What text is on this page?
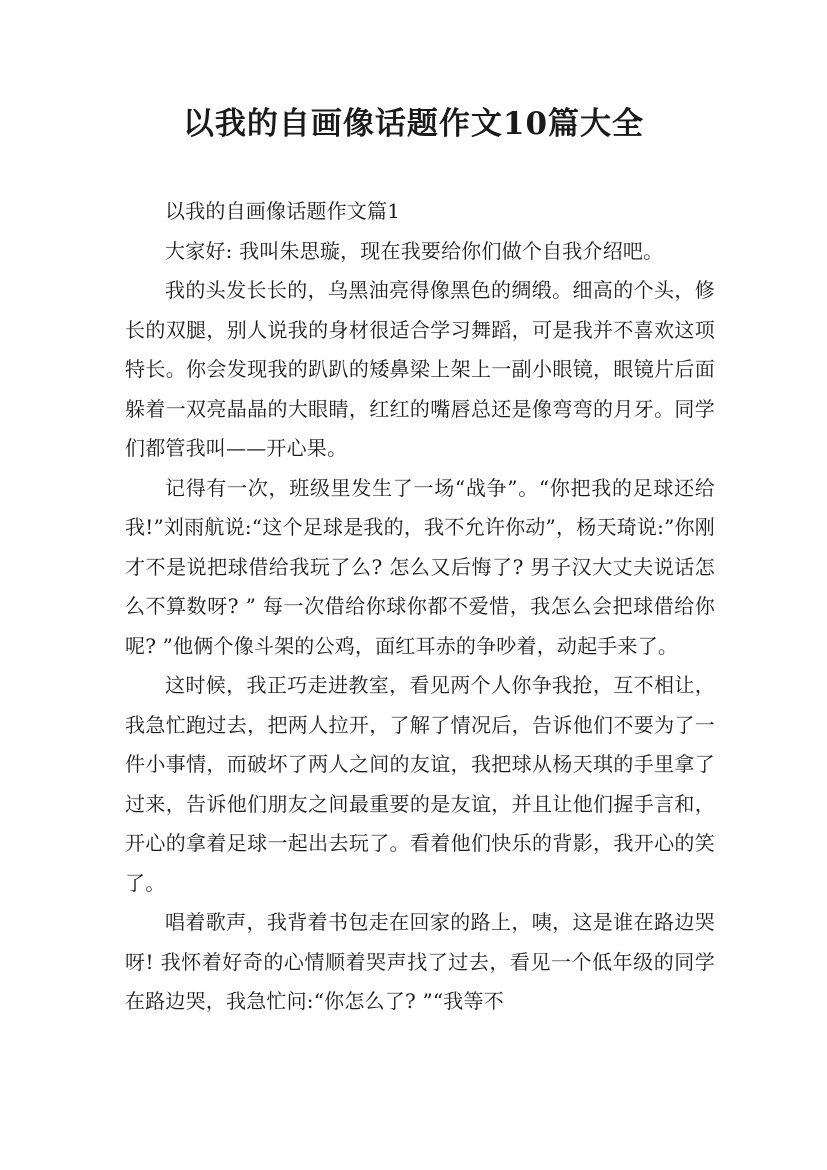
以我的自画像话题作文10篇大全

以我的自画像话题作文篇1

大家好: 我叫朱思璇，现在我要给你们做个自我介绍吧。

我的头发长长的，乌黑油亮得像黑色的绸缎。细高的个头，修长的双腿，别人说我的身材很适合学习舞蹈，可是我并不喜欢这项特长。你会发现我的趴趴的矮鼻梁上架上一副小眼镜，眼镜片后面躲着一双亮晶晶的大眼睛，红红的嘴唇总还是像弯弯的月牙。同学们都管我叫——开心果。

记得有一次，班级里发生了一场“战争”。“你把我的足球还给我!”刘雨航说:“这个足球是我的，我不允许你动”，杨天琦说:”你刚才不是说把球借给我玩了么? 怎么又后悔了? 男子汉大丈夫说话怎么不算数呀? ” 每一次借给你球你都不爱惜，我怎么会把球借给你呢? ”他俩个像斗架的公鸡，面红耳赤的争吵着，动起手来了。

这时候，我正巧走进教室，看见两个人你争我抢，互不相让，我急忙跑过去，把两人拉开，了解了情况后，告诉他们不要为了一件小事情，而破坏了两人之间的友谊，我把球从杨天琪的手里拿了过来，告诉他们朋友之间最重要的是友谊，并且让他们握手言和，开心的拿着足球一起出去玩了。看着他们快乐的背影，我开心的笑了。

唱着歌声，我背着书包走在回家的路上，咦，这是谁在路边哭呀! 我怀着好奇的心情顺着哭声找了过去，看见一个低年级的同学在路边哭，我急忙问:“你怎么了? ”“我等不
